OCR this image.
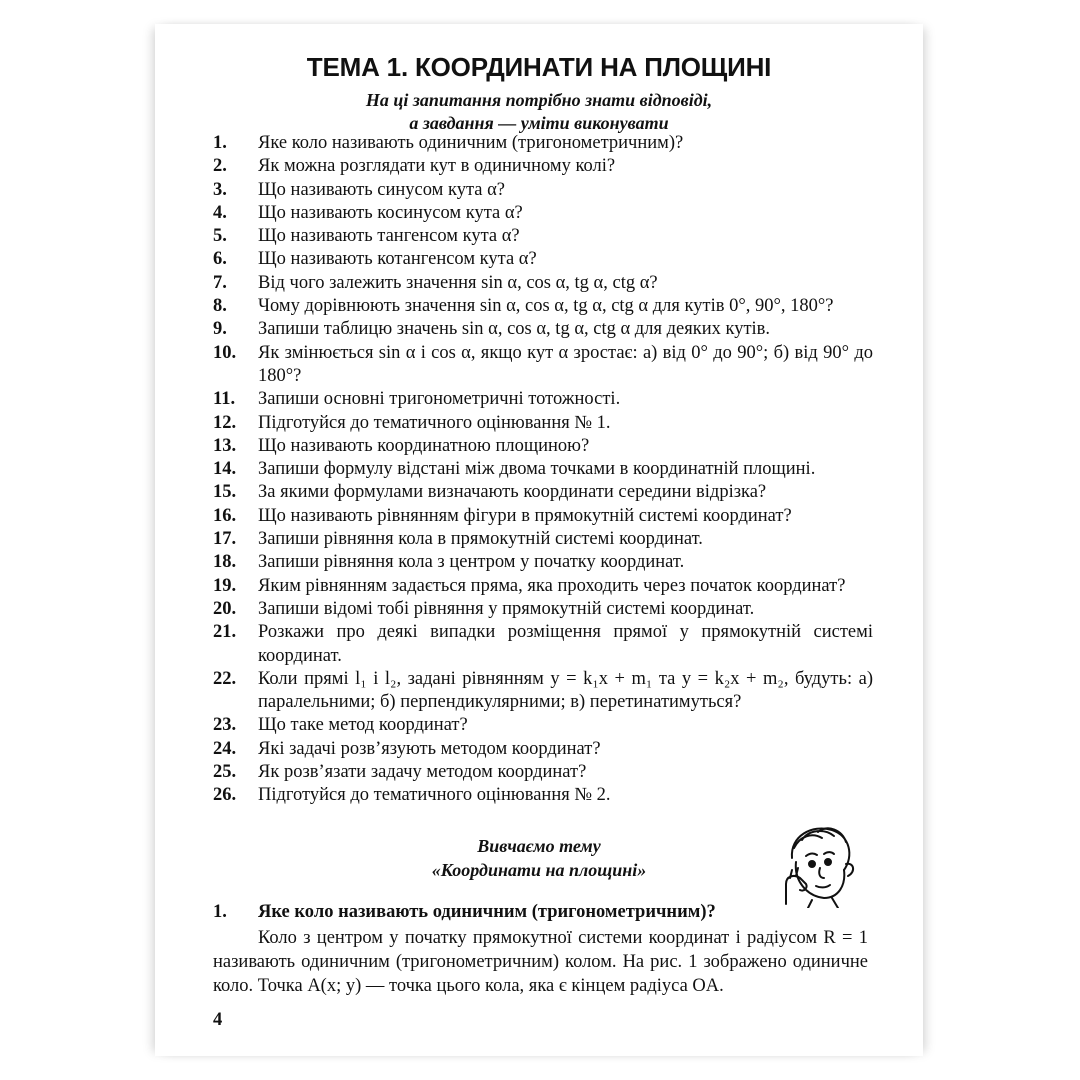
ТЕМА 1. КООРДИНАТИ НА ПЛОЩИНІ
На ці запитання потрібно знати відповіді,
а завдання — уміти виконувати
1. Яке коло називають одиничним (тригонометричним)?
2. Як можна розглядати кут в одиничному колі?
3. Що називають синусом кута α?
4. Що називають косинусом кута α?
5. Що називають тангенсом кута α?
6. Що називають котангенсом кута α?
7. Від чого залежить значення sin α, cos α, tg α, ctg α?
8. Чому дорівнюють значення sin α, cos α, tg α, ctg α для кутів 0°, 90°, 180°?
9. Запиши таблицю значень sin α, cos α, tg α, ctg α для деяких кутів.
10. Як змінюється sin α і cos α, якщо кут α зростає: а) від 0° до 90°; б) від 90° до 180°?
11. Запиши основні тригонометричні тотожності.
12. Підготуйся до тематичного оцінювання № 1.
13. Що називають координатною площиною?
14. Запиши формулу відстані між двома точками в координатній площині.
15. За якими формулами визначають координати середини відрізка?
16. Що називають рівнянням фігури в прямокутній системі координат?
17. Запиши рівняння кола в прямокутній системі координат.
18. Запиши рівняння кола з центром у початку координат.
19. Яким рівнянням задається пряма, яка проходить через початок координат?
20. Запиши відомі тобі рівняння у прямокутній системі координат.
21. Розкажи про деякі випадки розміщення прямої у прямокутній системі координат.
22. Коли прямі l₁ і l₂, задані рівнянням y = k₁x + m₁ та y = k₂x + m₂, будуть: а) паралельними; б) перпендикулярними; в) перетинатимуться?
23. Що таке метод координат?
24. Які задачі розв’язують методом координат?
25. Як розв’язати задачу методом координат?
26. Підготуйся до тематичного оцінювання № 2.
Вивчаємо тему
«Координати на площині»
1. Яке коло називають одиничним (тригонометричним)?
Коло з центром у початку прямокутної системи координат і радіусом R = 1 називають одиничним (тригонометричним) колом. На рис. 1 зображено одиничне коло. Точка A(x; y) — точка цього кола, яка є кінцем радіуса OA.
4
